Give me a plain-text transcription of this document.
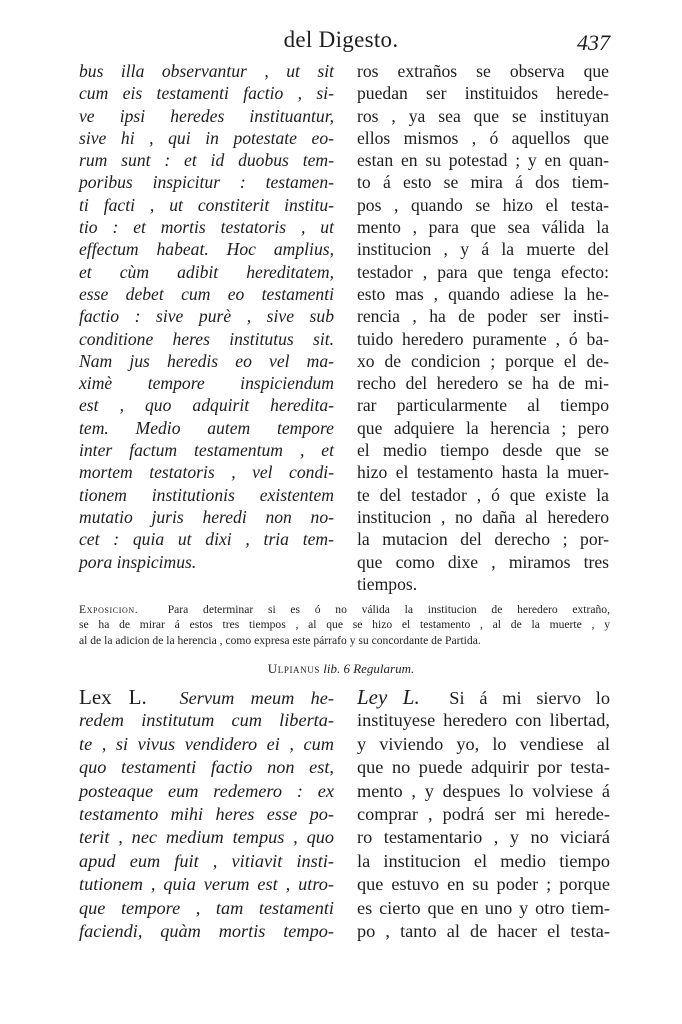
del Digesto.	437
bus illa observantur , ut sit
cum eis testamenti factio , si-
ve ipsi heredes instituantur,
sive hi , qui in potestate eo-
rum sunt : et id duobus tem-
poribus inspicitur : testamen-
ti facti , ut constiterit institu-
tio : et mortis testatoris , ut
effectum habeat. Hoc amplius,
et cùm adibit hereditatem,
esse debet cum eo testamenti
factio : sive purè , sive sub
conditione heres institutus sit.
Nam jus heredis eo vel ma-
ximè tempore inspiciendum
est , quo adquirit heredita-
tem. Medio autem tempore
inter factum testamentum , et
mortem testatoris , vel condi-
tionem institutionis existentem
mutatio juris heredi non no-
cet : quia ut dixi , tria tem-
pora inspicimus.
ros extraños se observa que
puedan ser instituidos herede-
ros , ya sea que se instituyan
ellos mismos , ó aquellos que
estan en su potestad ; y en quan-
to á esto se mira á dos tiem-
pos , quando se hizo el testa-
mento , para que sea válida la
institucion , y á la muerte del
testador , para que tenga efecto:
esto mas , quando adiese la he-
rencia , ha de poder ser insti-
tuido heredero puramente , ó ba-
xo de condicion ; porque el de-
recho del heredero se ha de mi-
rar particularmente al tiempo
que adquiere la herencia ; pero
el medio tiempo desde que se
hizo el testamento hasta la muer-
te del testador , ó que existe la
institucion , no daña al heredero
la mutacion del derecho ; por-
que como dixe , miramos tres
tiempos.
Exposicion.	Para determinar si es ó no válida la institucion de heredero extraño,
se ha de mirar á estos tres tiempos , al que se hizo el testamento , al de la muerte , y
al de la adicion de la herencia , como expresa este párrafo y su concordante de Partida.
Ulpianus lib. 6 Regularum.
Lex L. Servum meum he-
redem institutum cum liberta-
te , si vivus vendidero ei , cum
quo testamenti factio non est,
posteaque eum redemero : ex
testamento mihi heres esse po-
terit , nec medium tempus , quo
apud eum fuit , vitiavit insti-
tutionem , quia verum est , utro-
que tempore , tam testamenti
faciendi, quàm mortis tempo-
Ley L. Si á mi siervo lo
instituyese heredero con libertad,
y viviendo yo, lo vendiese al
que no puede adquirir por testa-
mento , y despues lo volviese á
comprar , podrá ser mi herede-
ro testamentario , y no viciará
la institucion el medio tiempo
que estuvo en su poder ; porque
es cierto que en uno y otro tiem-
po , tanto al de hacer el testa-
